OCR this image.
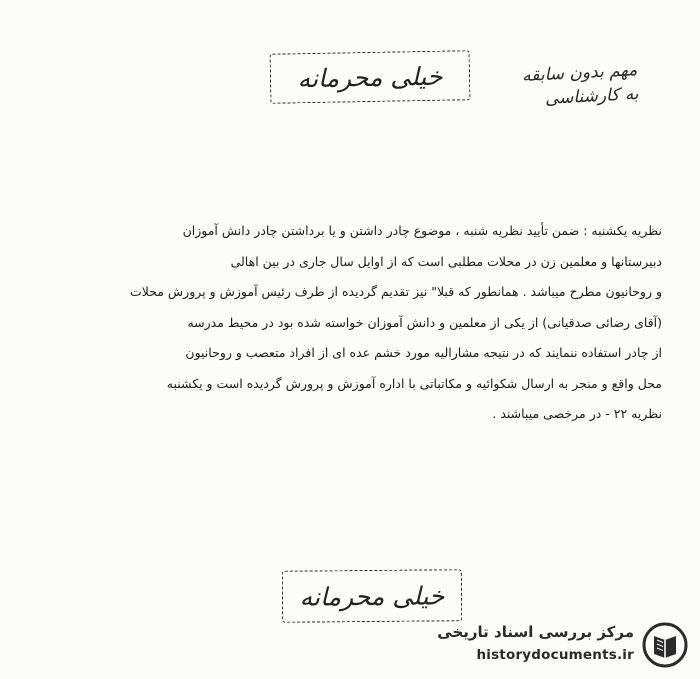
خیلی محرمانه	مهم بدون سابقه
به کارشناسی
نظریه یکشنبه : ضمن تأیید نظریه شنبه ، موضوع چادر داشتن و یا برداشتن چادر دانش آموزان
دبیرستانها و معلمین زن در محلات مطلبی است که از اوایل سال جاری در بین اهالی
و روحانیون مطرح میباشد . همانطور که قبلا" نیز تقدیم گردیده از طرف رئیس آموزش و پرورش محلات
(آقای رضائی صدقیانی) از یکی از معلمین و دانش آموزان خواسته شده بود در محیط مدرسه
از چادر استفاده ننمایند که در نتیجه مشارالیه مورد خشم عده ای از افراد متعصب و روحانیون
محل واقع و منجر به ارسال شکوائیه و مکاتباتی با اداره آموزش و پرورش گردیده است و یکشنبه
نظریه ۲۲ - در مرخصی میباشند .
خیلی محرمانه
مرکز بررسی اسناد تاریخی
historydocuments.ir
